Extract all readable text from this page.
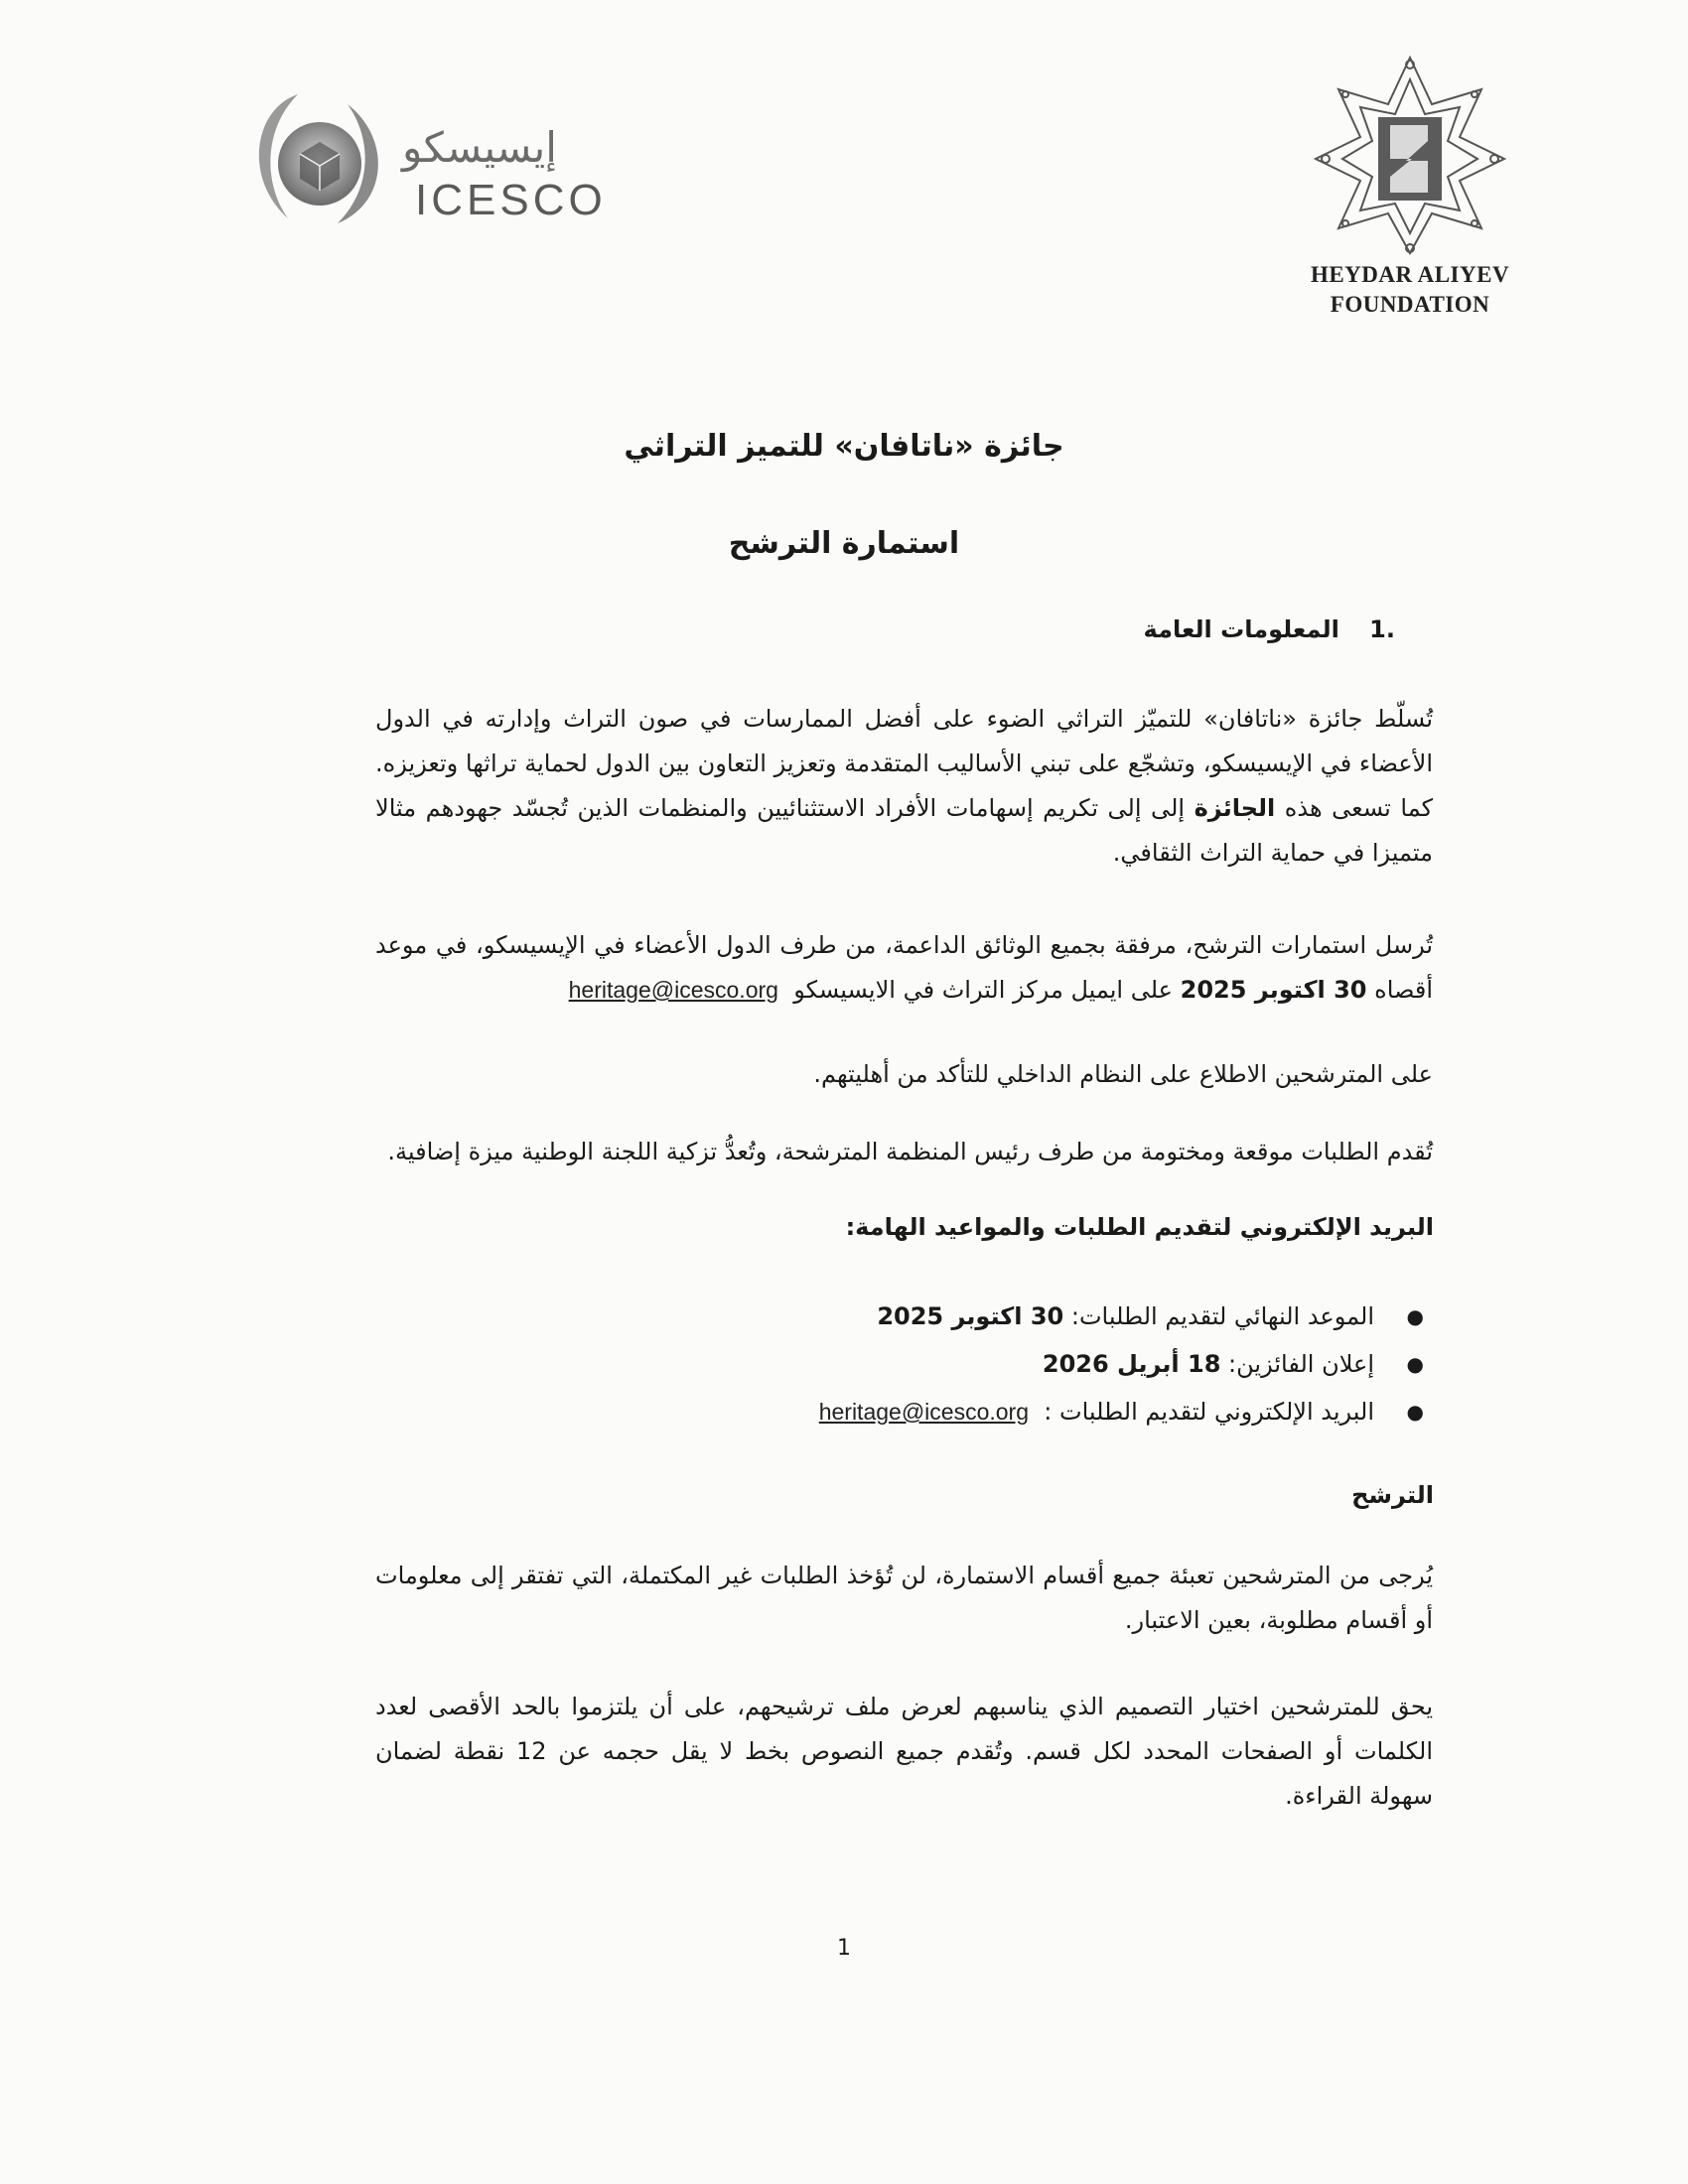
إيسيسكو
ICESCO
HEYDAR ALIYEV
FOUNDATION
جائزة «ناتافان» للتميز التراثي
استمارة الترشح
.1 المعلومات العامة
تُسلّط جائزة «ناتافان» للتميّز التراثي الضوء على أفضل الممارسات في صون التراث وإدارته في الدول الأعضاء في الإيسيسكو، وتشجّع على تبني الأساليب المتقدمة وتعزيز التعاون بين الدول لحماية تراثها وتعزيزه. كما تسعى هذه الجائزة إلى إلى تكريم إسهامات الأفراد الاستثنائيين والمنظمات الذين تُجسّد جهودهم مثالا متميزا في حماية التراث الثقافي.
تُرسل استمارات الترشح، مرفقة بجميع الوثائق الداعمة، من طرف الدول الأعضاء في الإيسيسكو، في موعد أقصاه 30 اكتوبر 2025 على ايميل مركز التراث في الايسيسكو  heritage@icesco.org
على المترشحين الاطلاع على النظام الداخلي للتأكد من أهليتهم.
تُقدم الطلبات موقعة ومختومة من طرف رئيس المنظمة المترشحة، وتُعدُّ تزكية اللجنة الوطنية ميزة إضافية.
البريد الإلكتروني لتقديم الطلبات والمواعيد الهامة:
●
الموعد النهائي لتقديم الطلبات: 30 اكتوبر 2025
●
إعلان الفائزين: 18 أبريل 2026
●
البريد الإلكتروني لتقديم الطلبات :  heritage@icesco.org
الترشح
يُرجى من المترشحين تعبئة جميع أقسام الاستمارة، لن تُؤخذ الطلبات غير المكتملة، التي تفتقر إلى معلومات أو أقسام مطلوبة، بعين الاعتبار.
يحق للمترشحين اختيار التصميم الذي يناسبهم لعرض ملف ترشيحهم، على أن يلتزموا بالحد الأقصى لعدد الكلمات أو الصفحات المحدد لكل قسم. وتُقدم جميع النصوص بخط لا يقل حجمه عن 12 نقطة لضمان سهولة القراءة.
1
